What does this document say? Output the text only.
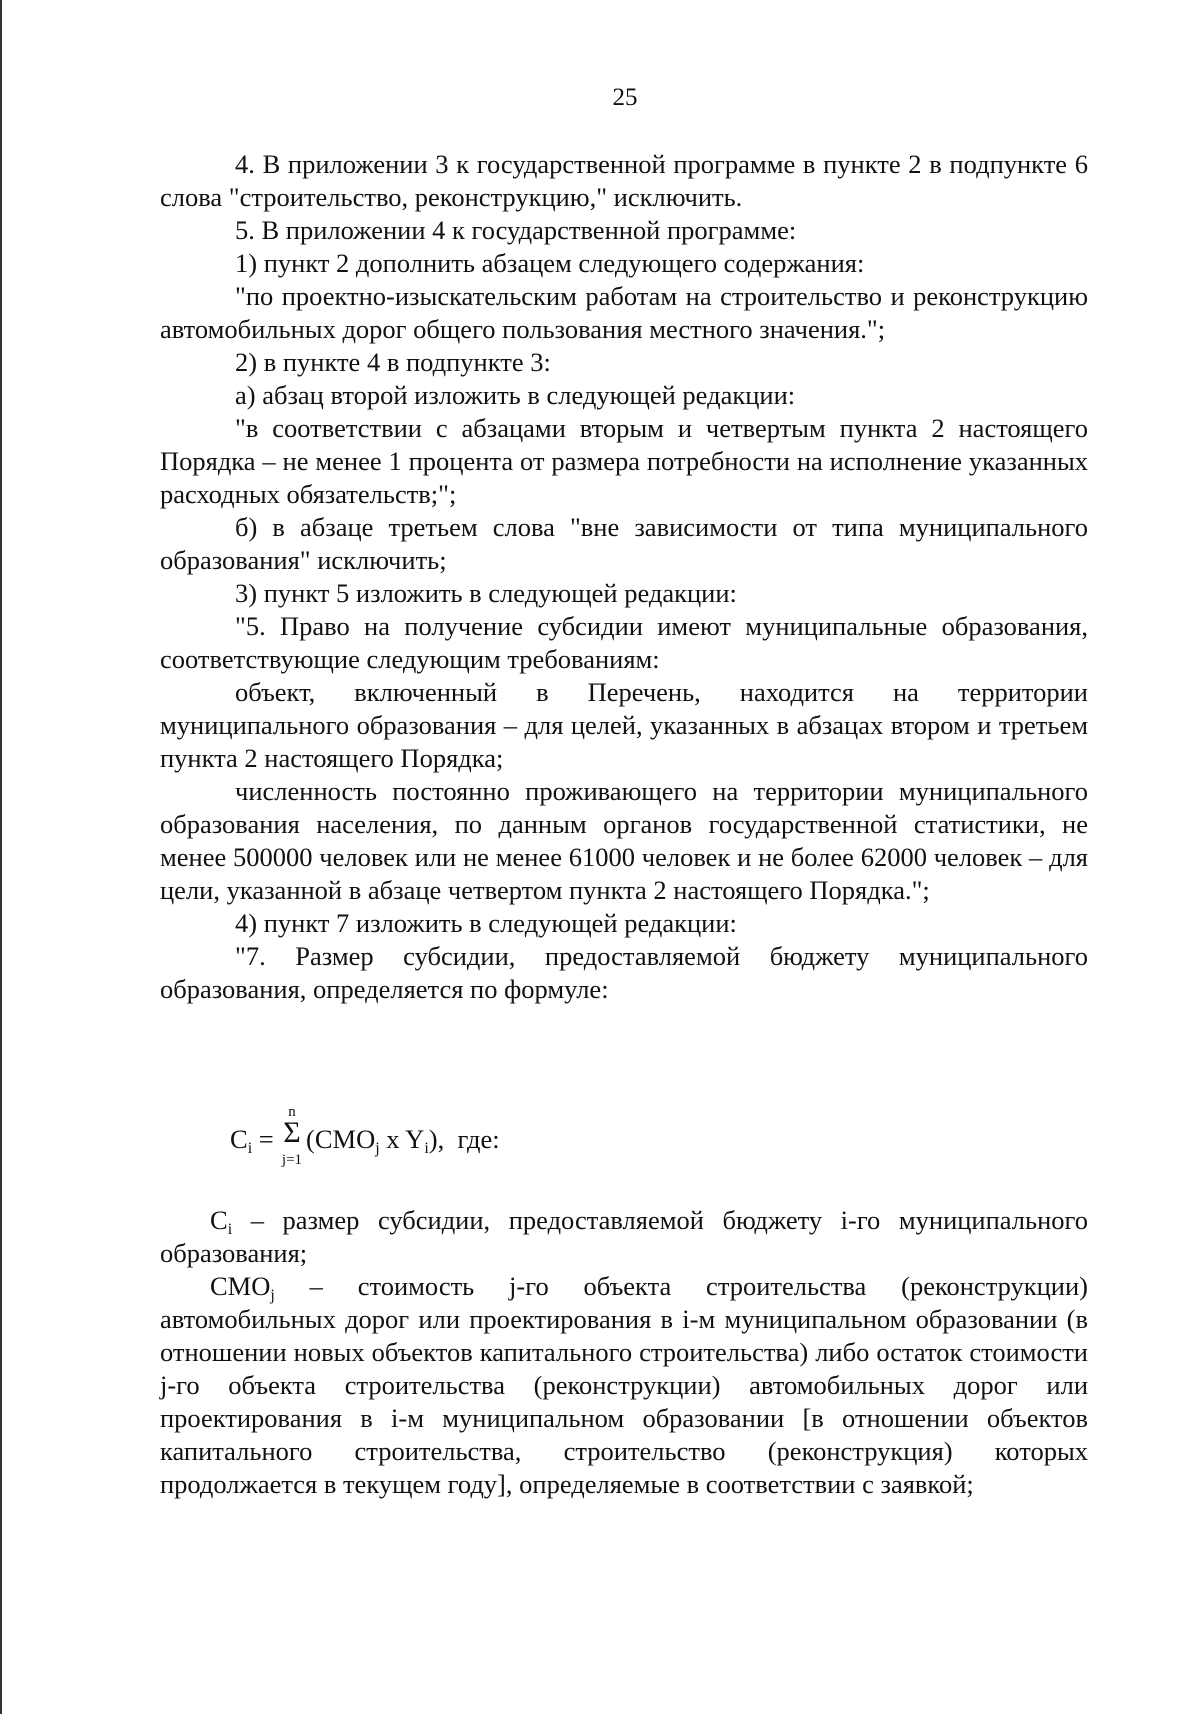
25

4. В приложении 3 к государственной программе в пункте 2 в подпункте 6 слова "строительство, реконструкцию," исключить.

5. В приложении 4 к государственной программе:

1) пункт 2 дополнить абзацем следующего содержания:

"по проектно-изыскательским работам на строительство и реконструкцию автомобильных дорог общего пользования местного значения.";

2) в пункте 4 в подпункте 3:

а) абзац второй изложить в следующей редакции:

"в соответствии с абзацами вторым и четвертым пункта 2 настоящего Порядка – не менее 1 процента от размера потребности на исполнение указанных расходных обязательств;";

б) в абзаце третьем слова "вне зависимости от типа муниципального образования" исключить;

3) пункт 5 изложить в следующей редакции:

"5. Право на получение субсидии имеют муниципальные образования, соответствующие следующим требованиям:

объект, включенный в Перечень, находится на территории муниципального образования – для целей, указанных в абзацах втором и третьем пункта 2 настоящего Порядка;

численность постоянно проживающего на территории муниципального образования населения, по данным органов государственной статистики, не менее 500000 человек или не менее 61000 человек и не более 62000 человек – для цели, указанной в абзаце четвертом пункта 2 настоящего Порядка.";

4) пункт 7 изложить в следующей редакции:

"7. Размер субсидии, предоставляемой бюджету муниципального образования, определяется по формуле:

$C_i$ =
n
Σ
j=1
($СМО_j$ x $Y_i$), где:

$C_i$ – размер субсидии, предоставляемой бюджету i-го муниципального образования;

$СМО_j$ – стоимость j-го объекта строительства (реконструкции) автомобильных дорог или проектирования в i-м муниципальном образовании (в отношении новых объектов капитального строительства) либо остаток стоимости j-го объекта строительства (реконструкции) автомобильных дорог или проектирования в i-м муниципальном образовании [в отношении объектов капитального строительства, строительство (реконструкция) которых продолжается в текущем году], определяемые в соответствии с заявкой;
